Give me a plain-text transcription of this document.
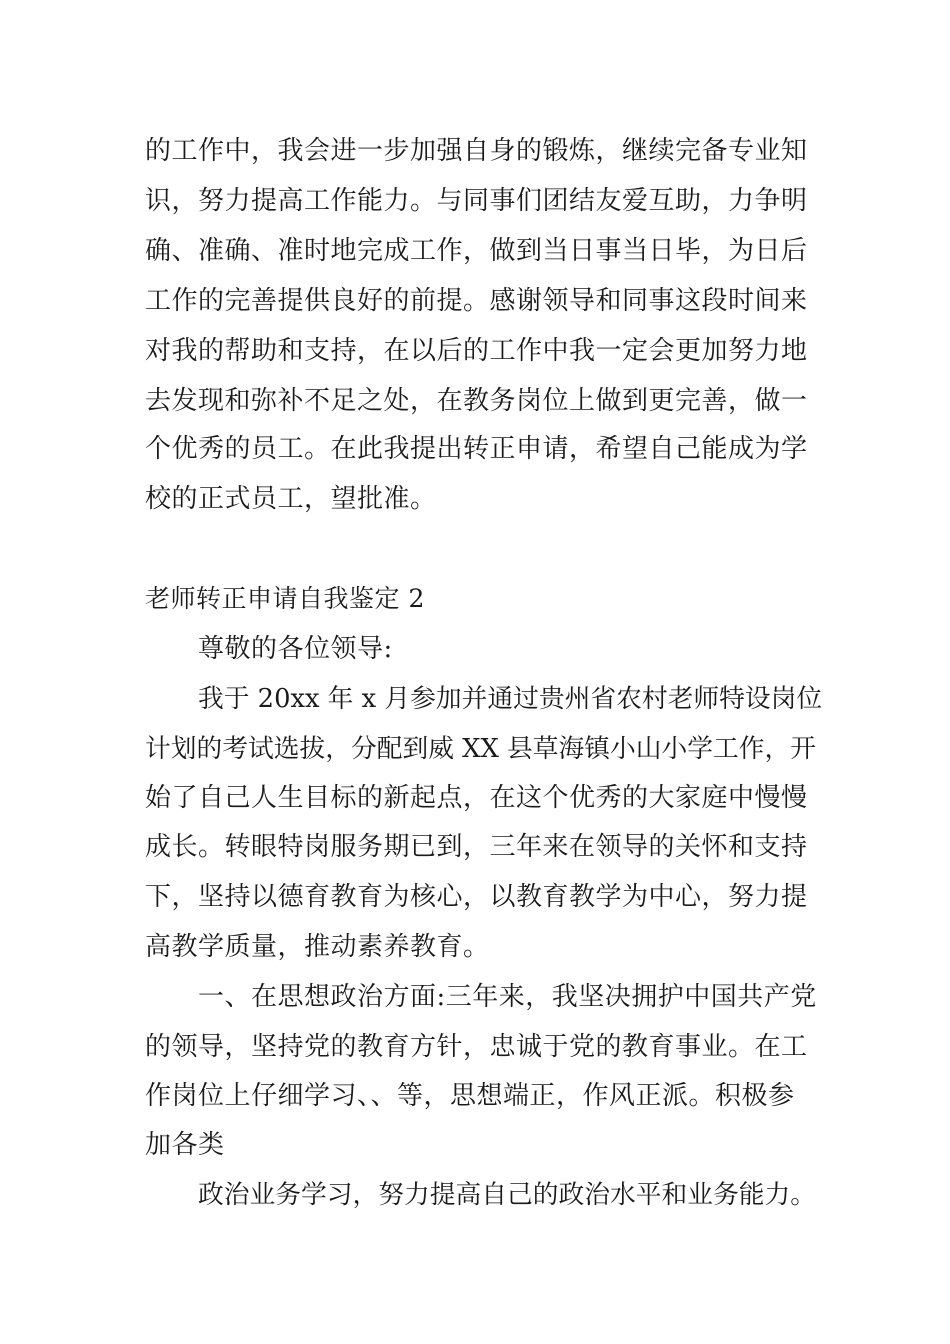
的工作中，我会进一步加强自身的锻炼，继续完备专业知

识，努力提高工作能力。与同事们团结友爱互助，力争明

确、准确、准时地完成工作，做到当日事当日毕，为日后

工作的完善提供良好的前提。感谢领导和同事这段时间来

对我的帮助和支持，在以后的工作中我一定会更加努力地

去发现和弥补不足之处，在教务岗位上做到更完善，做一

个优秀的员工。在此我提出转正申请，希望自己能成为学

校的正式员工，望批准。

老师转正申请自我鉴定 2

尊敬的各位领导:

我于 20xx 年 x 月参加并通过贵州省农村老师特设岗位

计划的考试选拔，分配到威 XX 县草海镇小山小学工作，开

始了自己人生目标的新起点，在这个优秀的大家庭中慢慢

成长。转眼特岗服务期已到，三年来在领导的关怀和支持

下，坚持以德育教育为核心，以教育教学为中心，努力提

高教学质量，推动素养教育。

一、在思想政治方面:三年来，我坚决拥护中国共产党

的领导，坚持党的教育方针，忠诚于党的教育事业。在工

作岗位上仔细学习、、等，思想端正，作风正派。积极参

加各类

政治业务学习，努力提高自己的政治水平和业务能力。
